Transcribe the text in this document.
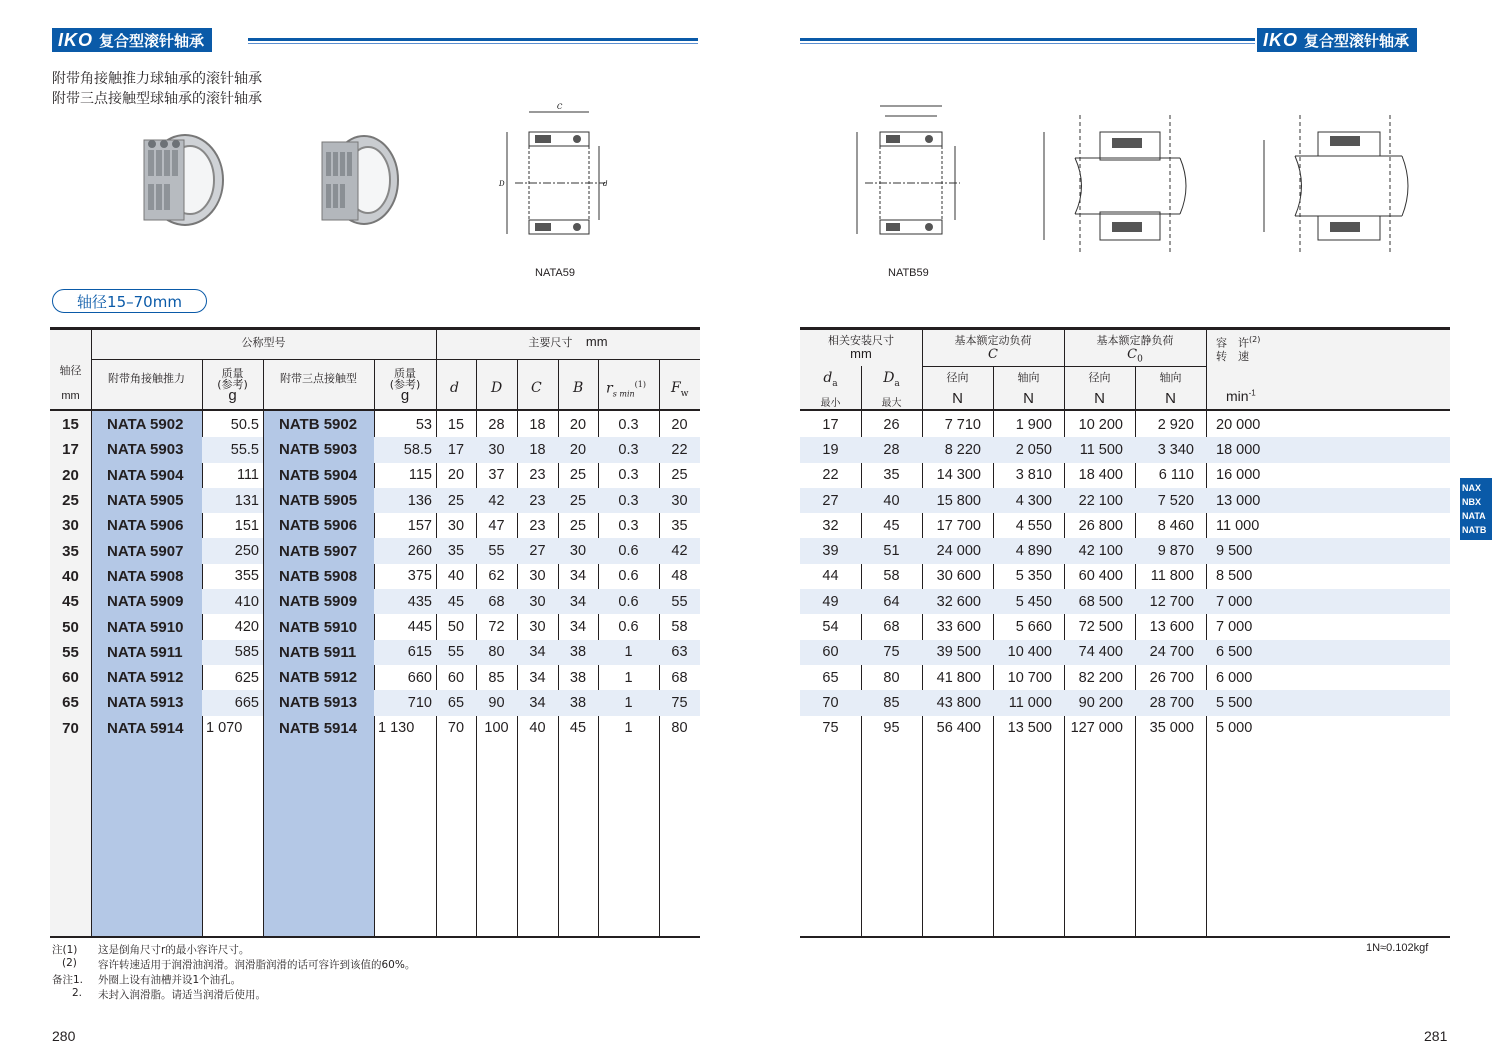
IKO 复合型滚针轴承	IKO 复合型滚针轴承
附带角接触推力球轴承的滚针轴承
附带三点接触型球轴承的滚针轴承	C
D	d
NATA59	NATB59
轴径15–70mm
公称型号	主要尺寸 mm
轴径
mm
附带角接触推力	附带三点接触型
质量
(参考)
g
质量
(参考)
g	d D C B $r_{s min}^{(1)}$ $F_w$
15	NATA 5902	50.5	NATB 5902	53	15	28	18	20	0.3	20
17	NATA 5903	55.5	NATB 5903	58.5	17	30	18	20	0.3	22
20	NATA 5904	111	NATB 5904	115	20	37	23	25	0.3	25
25	NATA 5905	131	NATB 5905	136	25	42	23	25	0.3	30
30	NATA 5906	151	NATB 5906	157	30	47	23	25	0.3	35
35	NATA 5907	250	NATB 5907	260	35	55	27	30	0.6	42
40	NATA 5908	355	NATB 5908	375	40	62	30	34	0.6	48
45	NATA 5909	410	NATB 5909	435	45	68	30	34	0.6	55
50	NATA 5910	420	NATB 5910	445	50	72	30	34	0.6	58
55	NATA 5911	585	NATB 5911	615	55	80	34	38	1	63
60	NATA 5912	625	NATB 5912	660	60	85	34	38	1	68
65	NATA 5913	665	NATB 5913	710	65	90	34	38	1	75
70	NATA 5914	1 070	NATB 5914	1 130	70	100	40	45	1	80
相关安装尺寸
mm
基本额定动负荷
C
基本额定静负荷
$C_0$
容　许$^{(2)}$
转　速
$d_a$	$D_a$
最小	最大
径向	轴向	径向	轴向
N	N	N	N	$\min^{-1}$
17	26	7 710	1 900	10 200	2 920	20 000
19	28	8 220	2 050	11 500	3 340	18 000
22	35	14 300	3 810	18 400	6 110	16 000
27	40	15 800	4 300	22 100	7 520	13 000
32	45	17 700	4 550	26 800	8 460	11 000
39	51	24 000	4 890	42 100	9 870	9 500
44	58	30 600	5 350	60 400	11 800	8 500
49	64	32 600	5 450	68 500	12 700	7 000
54	68	33 600	5 660	72 500	13 600	7 000
60	75	39 500	10 400	74 400	24 700	6 500
65	80	41 800	10 700	82 200	26 700	6 000
70	85	43 800	11 000	90 200	28 700	5 500
75	95	56 400	13 500	127 000	35 000	5 000
NAX
NBX
NATA
NATB
注(1) 这是倒角尺寸r的最小容许尺寸。
(2) 容许转速适用于润滑油润滑。润滑脂润滑的话可容许到该值的60%。
备注1. 外圈上设有油槽并设1个油孔。
2. 未封入润滑脂。请适当润滑后使用。
1N≈0.102kgf
280	281
